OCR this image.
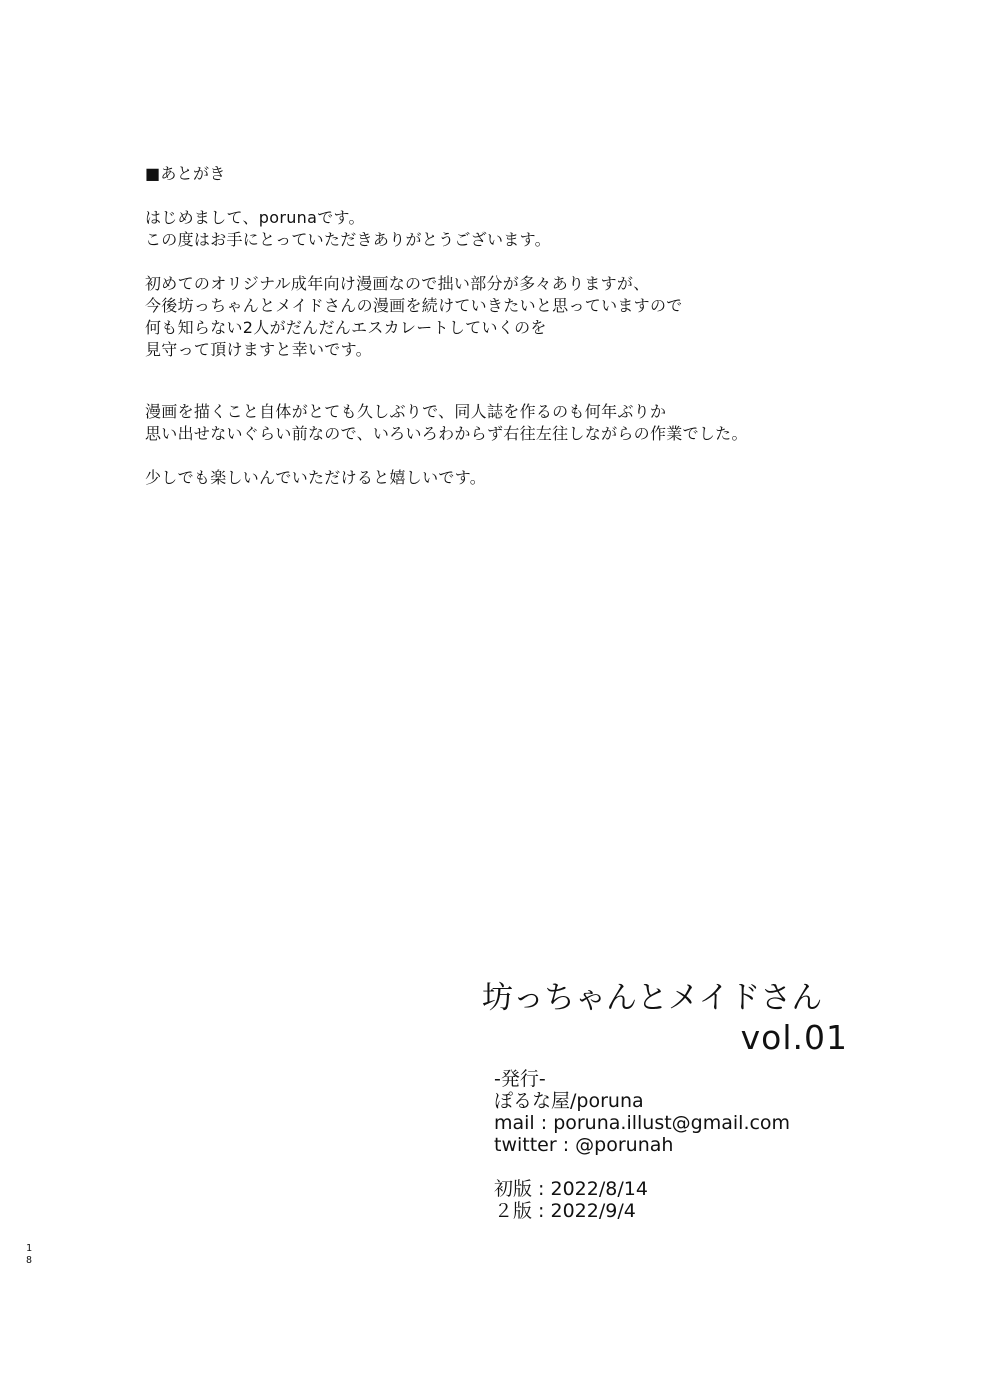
■あとがき
はじめまして、porunaです。
この度はお手にとっていただきありがとうございます。
初めてのオリジナル成年向け漫画なので拙い部分が多々ありますが、
今後坊っちゃんとメイドさんの漫画を続けていきたいと思っていますので
何も知らない2人がだんだんエスカレートしていくのを
見守って頂けますと幸いです。
漫画を描くこと自体がとても久しぶりで、同人誌を作るのも何年ぶりか
思い出せないぐらい前なので、いろいろわからず右往左往しながらの作業でした。
少しでも楽しいんでいただけると嬉しいです。
坊っちゃんとメイドさん
vol.01
-発行-
ぽるな屋/poruna
mail : poruna.illust@gmail.com
twitter : @porunah
初版 : 2022/8/14
２版 : 2022/9/4
1
8
